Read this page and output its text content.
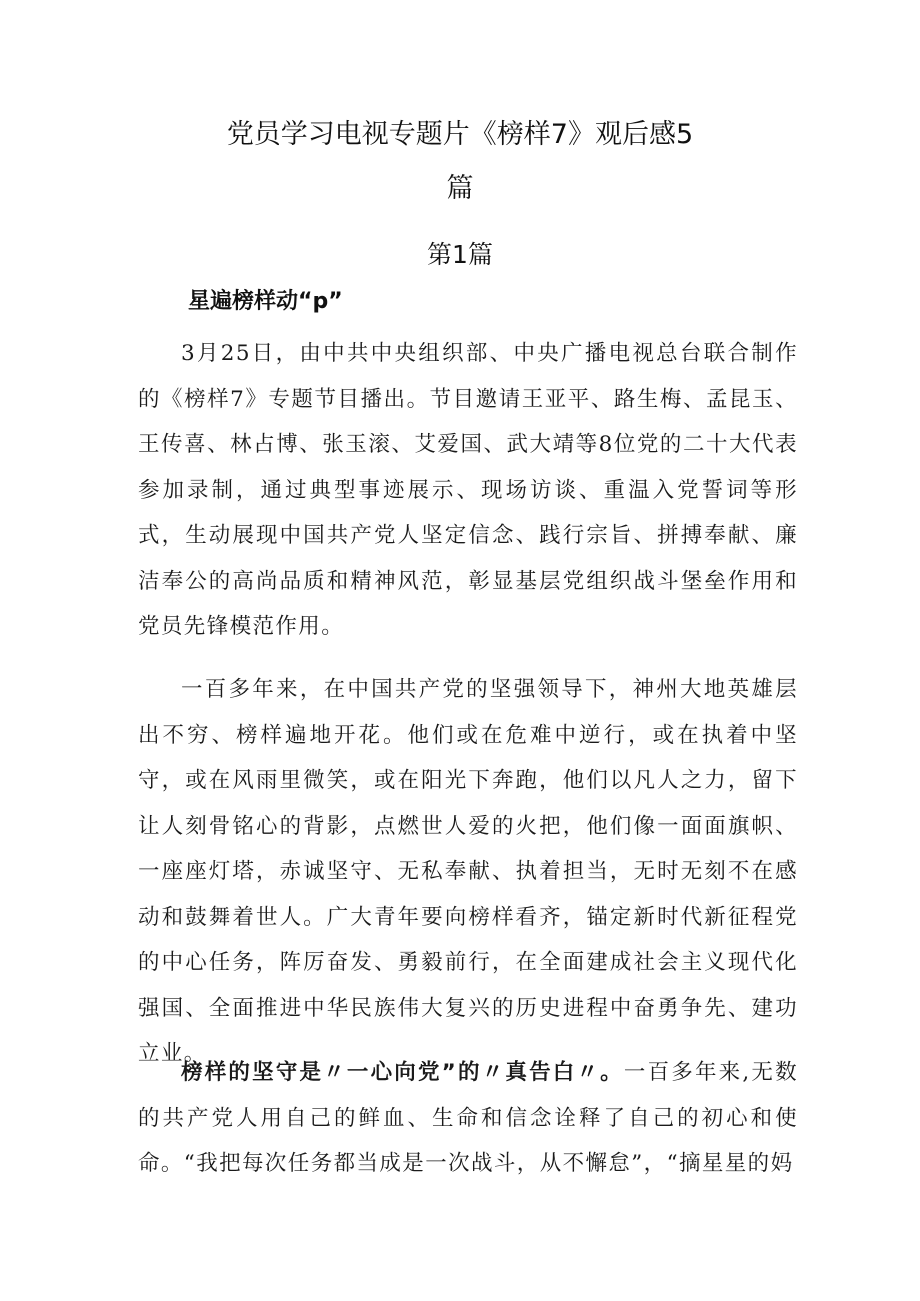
党员学习电视专题片《榜样7》观后感5
篇
第1篇
星遍榜样动“p”

3月25日，由中共中央组织部、中央广播电视总台联合制作的《榜样7》专题节目播出。节目邀请王亚平、路生梅、孟昆玉、王传喜、林占博、张玉滚、艾爱国、武大靖等8位党的二十大代表参加录制，通过典型事迹展示、现场访谈、重温入党誓词等形式，生动展现中国共产党人坚定信念、践行宗旨、拼搏奉献、廉洁奉公的高尚品质和精神风范，彰显基层党组织战斗堡垒作用和党员先锋模范作用。

一百多年来，在中国共产党的坚强领导下，神州大地英雄层出不穷、榜样遍地开花。他们或在危难中逆行，或在执着中坚守，或在风雨里微笑，或在阳光下奔跑，他们以凡人之力，留下让人刻骨铭心的背影，点燃世人爱的火把，他们像一面面旗帜、一座座灯塔，赤诚坚守、无私奉献、执着担当，无时无刻不在感动和鼓舞着世人。广大青年要向榜样看齐，锚定新时代新征程党的中心任务，阵厉奋发、勇毅前行，在全面建成社会主义现代化强国、全面推进中华民族伟大复兴的历史进程中奋勇争先、建功立业。

榜样的坚守是〃一心向党”的〃真告白〃。一百多年来,无数的共产党人用自己的鲜血、生命和信念诠释了自己的初心和使命。“我把每次任务都当成是一次战斗，从不懈怠”，“摘星星的妈
